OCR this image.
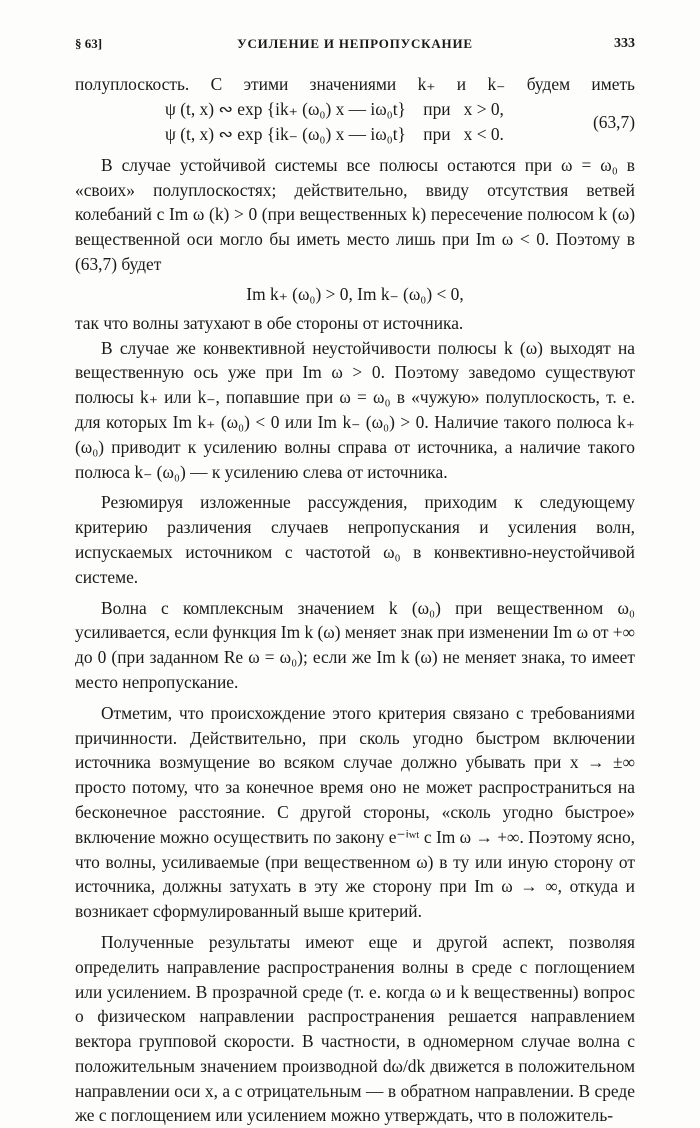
§ 63]	УСИЛЕНИЕ И НЕПРОПУСКАНИЕ	333

полуплоскость. С этими значениями k₊ и k₋ будем иметь

ψ (t, x) ∾ exp {ik₊ (ω₀) x — iω₀t}    при   x > 0,
ψ (t, x) ∾ exp {ik₋ (ω₀) x — iω₀t}    при   x < 0.
(63,7)

В случае устойчивой системы все полюсы остаются при ω = ω₀ в «своих» полуплоскостях; действительно, ввиду отсутствия ветвей колебаний с Im ω (k) > 0 (при вещественных k) пересечение полюсом k (ω) вещественной оси могло бы иметь место лишь при Im ω < 0. Поэтому в (63,7) будет

Im k₊ (ω₀) > 0, Im k₋ (ω₀) < 0,

так что волны затухают в обе стороны от источника.

В случае же конвективной неустойчивости полюсы k (ω) выходят на вещественную ось уже при Im ω > 0. Поэтому заведомо существуют полюсы k₊ или k₋, попавшие при ω = ω₀ в «чужую» полуплоскость, т. е. для которых Im k₊ (ω₀) < 0 или Im k₋ (ω₀) > 0. Наличие такого полюса k₊ (ω₀) приводит к усилению волны справа от источника, а наличие такого полюса k₋ (ω₀) — к усилению слева от источника.

Резюмируя изложенные рассуждения, приходим к следующему критерию различения случаев непропускания и усиления волн, испускаемых источником с частотой ω₀ в конвективно-неустойчивой системе.

Волна с комплексным значением k (ω₀) при вещественном ω₀ усиливается, если функция Im k (ω) меняет знак при изменении Im ω от +∞ до 0 (при заданном Re ω = ω₀); если же Im k (ω) не меняет знака, то имеет место непропускание.

Отметим, что происхождение этого критерия связано с требованиями причинности. Действительно, при сколь угодно быстром включении источника возмущение во всяком случае должно убывать при x → ±∞ просто потому, что за конечное время оно не может распространиться на бесконечное расстояние. С другой стороны, «сколь угодно быстрое» включение можно осуществить по закону e⁻ⁱʷᵗ с Im ω → +∞. Поэтому ясно, что волны, усиливаемые (при вещественном ω) в ту или иную сторону от источника, должны затухать в эту же сторону при Im ω → ∞, откуда и возникает сформулированный выше критерий.

Полученные результаты имеют еще и другой аспект, позволяя определить направление распространения волны в среде с поглощением или усилением. В прозрачной среде (т. е. когда ω и k вещественны) вопрос о физическом направлении распространения решается направлением вектора групповой скорости. В частности, в одномерном случае волна с положительным значением производной dω/dk движется в положительном направлении оси x, а с отрицательным — в обратном направлении. В среде же с поглощением или усилением можно утверждать, что в положитель-
